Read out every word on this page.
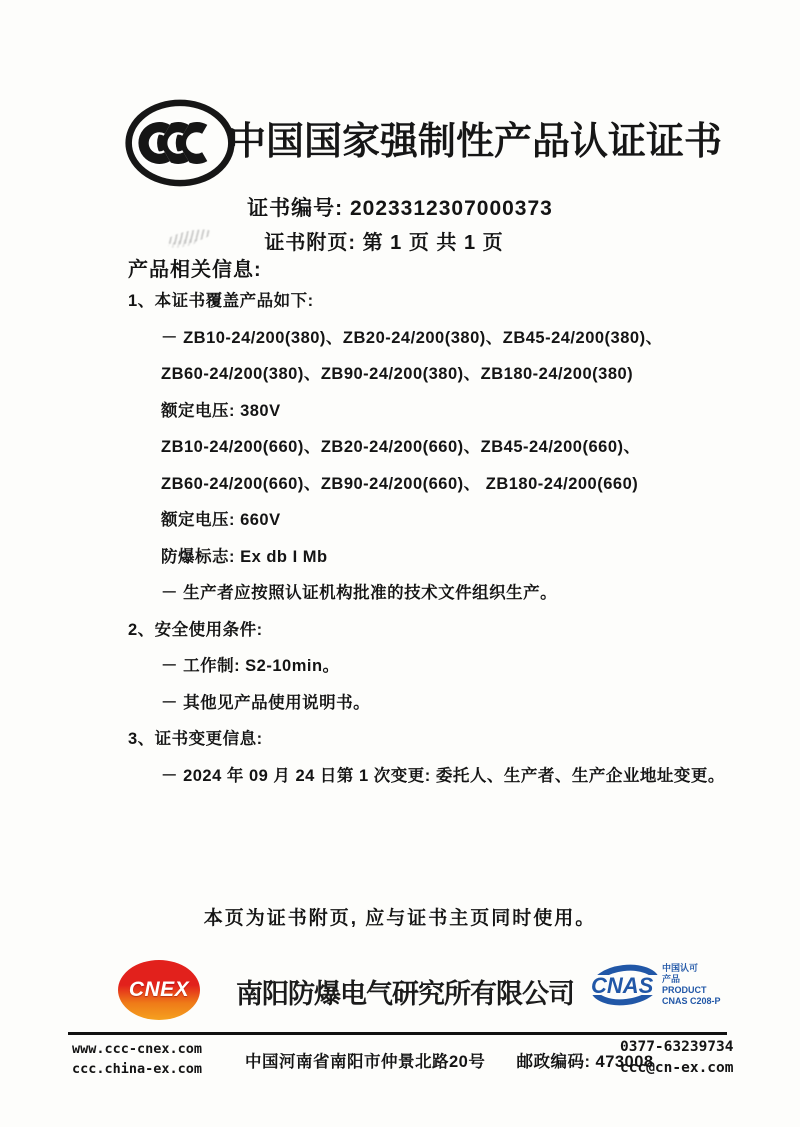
中国国家强制性产品认证证书
证书编号: 2023312307000373
证书附页: 第 1 页 共 1 页
产品相关信息:
1、本证书覆盖产品如下:
－ ZB10-24/200(380)、ZB20-24/200(380)、ZB45-24/200(380)、
ZB60-24/200(380)、ZB90-24/200(380)、ZB180-24/200(380)
额定电压: 380V
ZB10-24/200(660)、ZB20-24/200(660)、ZB45-24/200(660)、
ZB60-24/200(660)、ZB90-24/200(660)、 ZB180-24/200(660)
额定电压: 660V
防爆标志: Ex db I Mb
－ 生产者应按照认证机构批准的技术文件组织生产。
2、安全使用条件:
－ 工作制: S2-10min。
－ 其他见产品使用说明书。
3、证书变更信息:
－ 2024 年 09 月 24 日第 1 次变更: 委托人、生产者、生产企业地址变更。
本页为证书附页, 应与证书主页同时使用。
CNEX 南阳防爆电气研究所有限公司 CNAS
中国认可
产品
PRODUCT
CNAS C208-P
www.ccc-cnex.com
ccc.china-ex.com	中国河南省南阳市仲景北路20号 邮政编码: 473008
0377-63239734
ccc@cn-ex.com
